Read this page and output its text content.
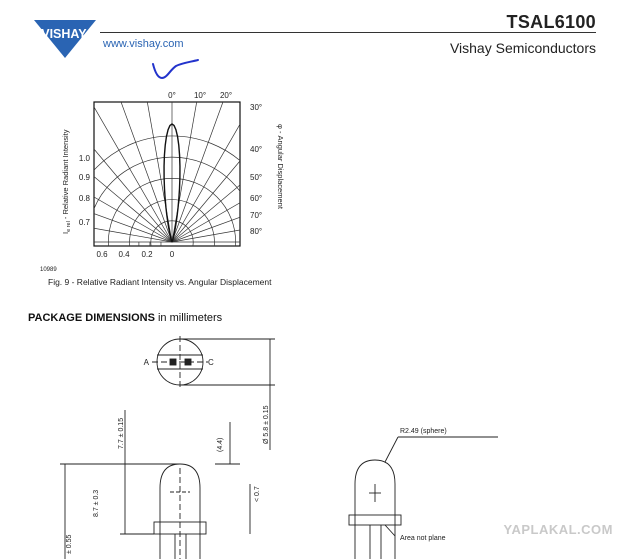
VISHAY.
www.vishay.com
TSAL6100
Vishay Semiconductors
0° 10° 20°
30°
40°
50°
60°
70°
80°
1.0
0.9
0.8
0.7
0.6 0.4 0.2 0
$I_{e rel}$ - Relative Radiant Intensity	φ - Angular Displacement
10989
Fig. 9 - Relative Radiant Intensity vs. Angular Displacement
PACKAGE DIMENSIONS in millimeters
A	C
Ø 5.8 ± 0.15
7.7 ± 0.15
8.7 ± 0.3
(4.4)
< 0.7
± 0.55
R2.49 (sphere)
Area not plane
YAPLAKAL.COM
